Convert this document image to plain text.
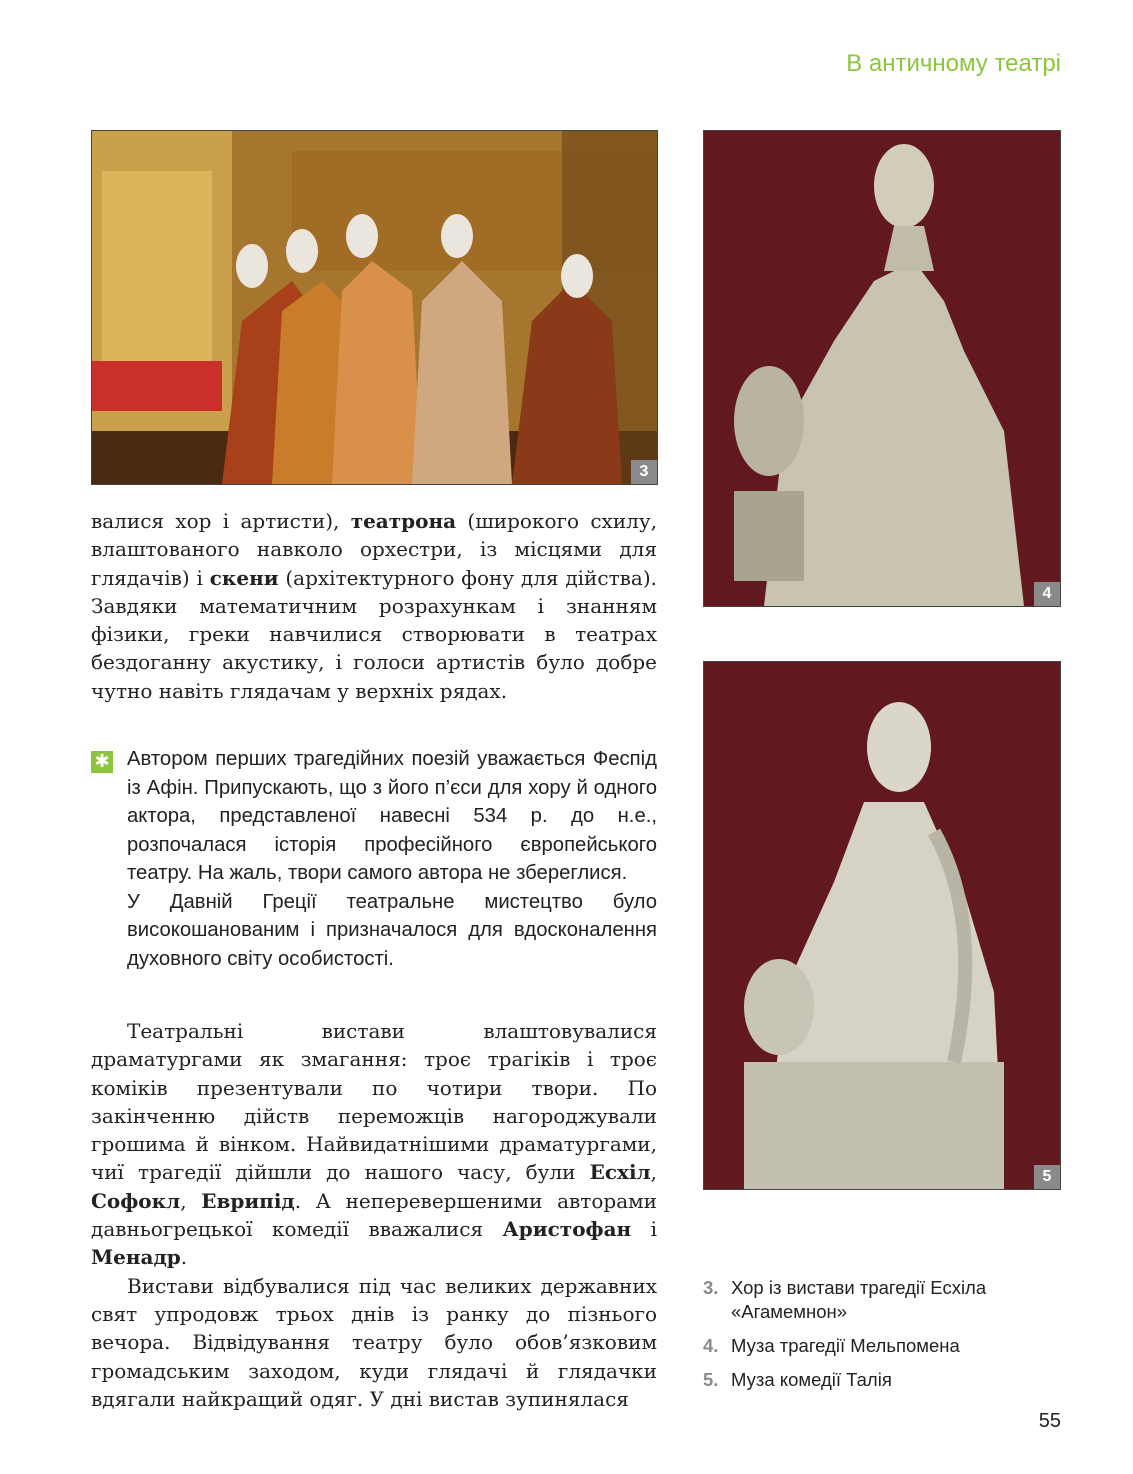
В античному театрі
3
4
5

валися хор і артисти), театрона (широкого схилу, влаштованого навколо орхестри, із місцями для глядачів) і скени (архітектурного фону для дійства). Завдяки математичним розрахункам і знанням фізики, греки навчилися створювати в театрах бездоганну акустику, і голоси артистів було добре чутно навіть глядачам у верхніх рядах.

✱ Автором перших трагедійних поезій уважається Феспід із Афін. Припускають, що з його п’єси для хору й одного актора, представленої навесні 534 р. до н.е., розпочалася історія професійного європейського театру. На жаль, твори самого автора не збереглися.

У Давній Греції театральне мистецтво було високошанованим і призначалося для вдосконалення духовного світу особистості.

Театральні вистави влаштовувалися драматургами як змагання: троє трагіків і троє коміків презентували по чотири твори. По закінченню дійств переможців нагороджували грошима й вінком. Найвидатнішими драматургами, чиї трагедії дійшли до нашого часу, були Есхіл, Софокл, Еврипід. А неперевершеними авторами давньогрецької комедії вважалися Аристофан і Менадр.

Вистави відбувалися під час великих державних свят упродовж трьох днів із ранку до пізнього вечора. Відвідування театру було обов’язковим громадським заходом, куди глядачі й глядачки вдягали найкращий одяг. У дні вистав зупинялася

3. Хор із вистави трагедії Есхіла «Агамемнон»
4. Муза трагедії Мельпомена
5. Муза комедії Талія
55
